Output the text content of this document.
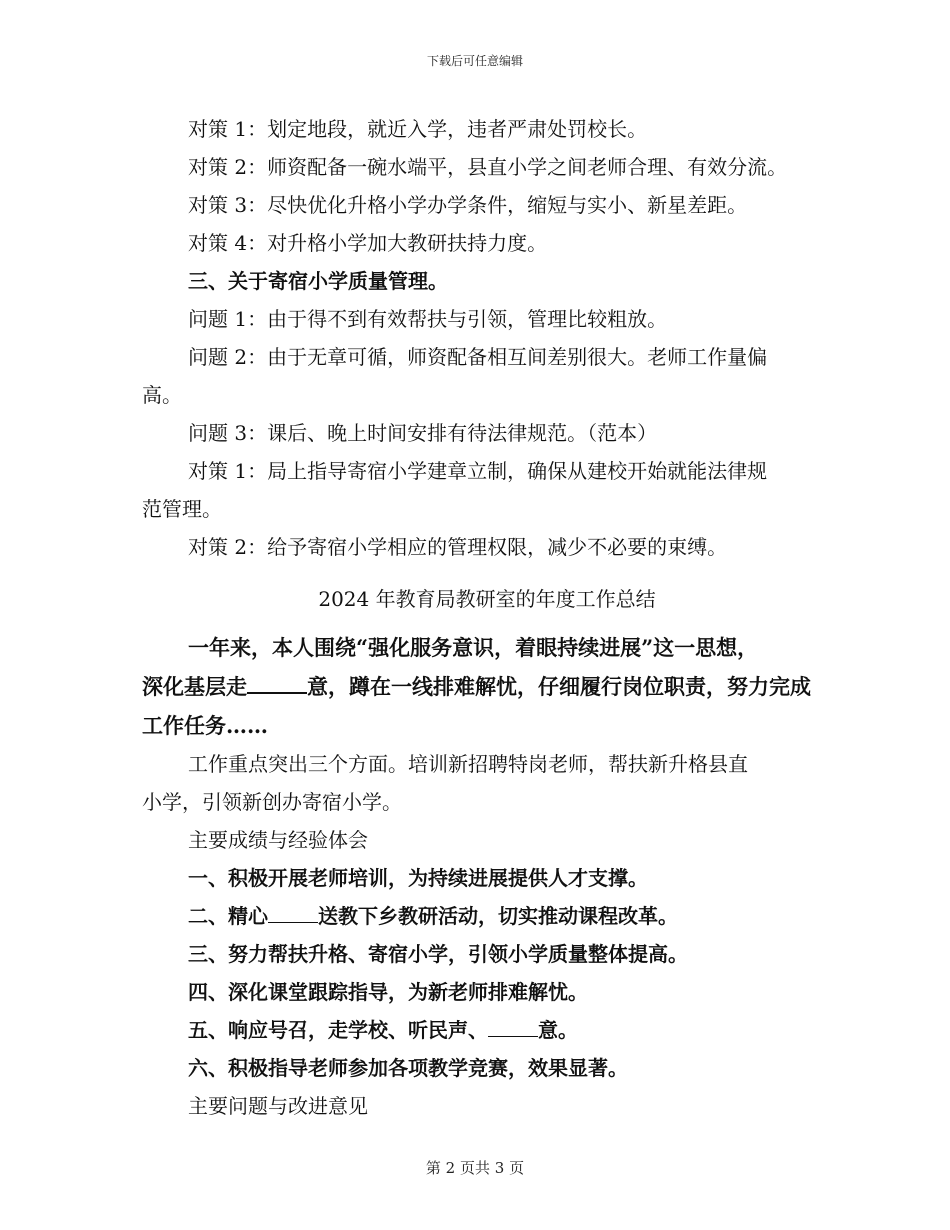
下载后可任意编辑
对策 1：划定地段，就近入学，违者严肃处罚校长。
对策 2：师资配备一碗水端平，县直小学之间老师合理、有效分流。
对策 3：尽快优化升格小学办学条件，缩短与实小、新星差距。
对策 4：对升格小学加大教研扶持力度。
三、关于寄宿小学质量管理。
问题 1：由于得不到有效帮扶与引领，管理比较粗放。
问题 2：由于无章可循，师资配备相互间差别很大。老师工作量偏
高。
问题 3：课后、晚上时间安排有待法律规范。（范本）
对策 1：局上指导寄宿小学建章立制，确保从建校开始就能法律规
范管理。
对策 2：给予寄宿小学相应的管理权限，减少不必要的束缚。
2024 年教育局教研室的年度工作总结
一年来，本人围绕“强化服务意识，着眼持续进展”这一思想，
深化基层走	意，蹲在一线排难解忧，仔细履行岗位职责，努力完成
工作任务……
工作重点突出三个方面。培训新招聘特岗老师，帮扶新升格县直
小学，引领新创办寄宿小学。
主要成绩与经验体会
一、积极开展老师培训，为持续进展提供人才支撑。
二、精心	送教下乡教研活动，切实推动课程改革。
三、努力帮扶升格、寄宿小学，引领小学质量整体提高。
四、深化课堂跟踪指导，为新老师排难解忧。
五、响应号召，走学校、听民声、	意。
六、积极指导老师参加各项教学竞赛，效果显著。
主要问题与改进意见
第 2 页共 3 页
